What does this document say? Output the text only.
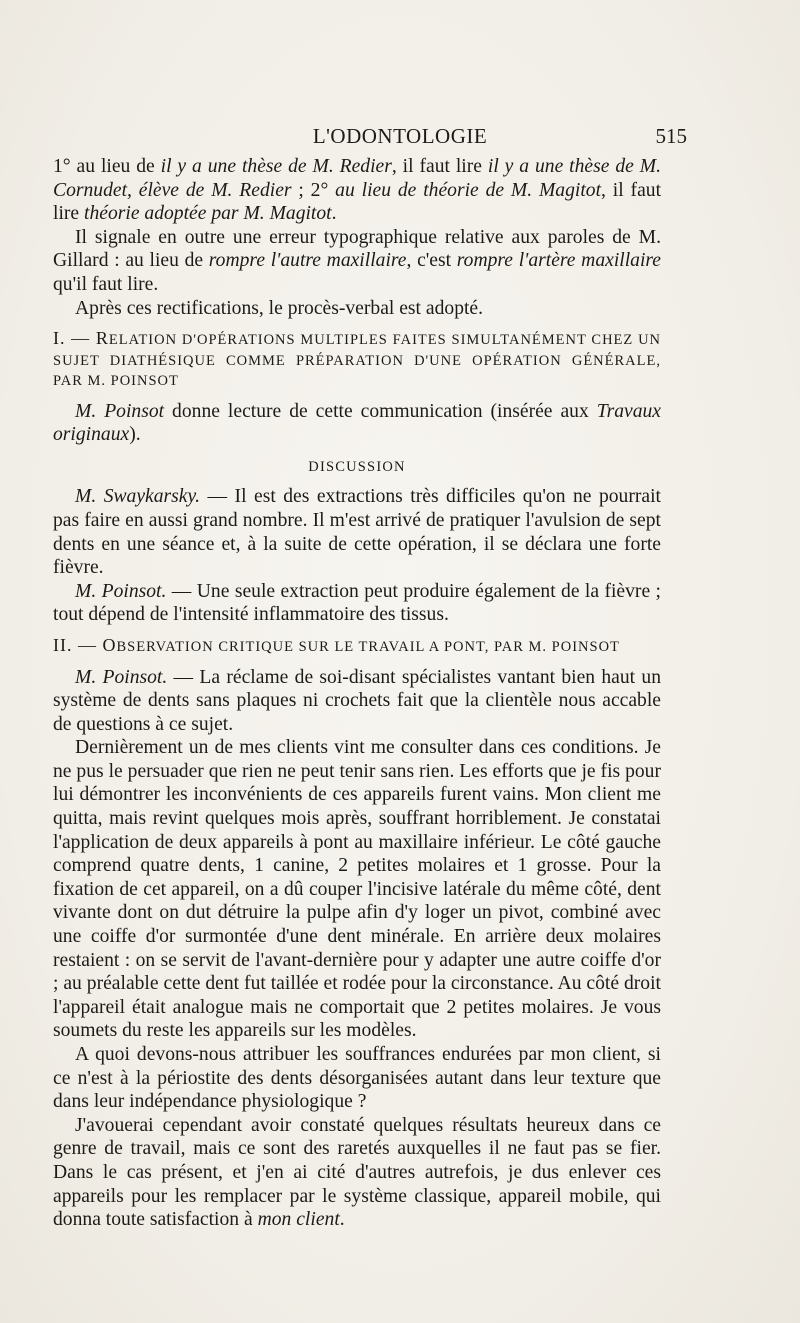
L'ODONTOLOGIE	515

1° au lieu de il y a une thèse de M. Redier, il faut lire il y a une thèse de M. Cornudet, élève de M. Redier ; 2° au lieu de théorie de M. Magitot, il faut lire théorie adoptée par M. Magitot.

Il signale en outre une erreur typographique relative aux paroles de M. Gillard : au lieu de rompre l'autre maxillaire, c'est rompre l'artère maxillaire qu'il faut lire.

Après ces rectifications, le procès-verbal est adopté.

I. — RELATION D'OPÉRATIONS MULTIPLES FAITES SIMULTANÉMENT CHEZ UN SUJET DIATHÉSIQUE COMME PRÉPARATION D'UNE OPÉRATION GÉNÉRALE, PAR M. POINSOT

M. Poinsot donne lecture de cette communication (insérée aux Travaux originaux).

DISCUSSION

M. Swaykarsky. — Il est des extractions très difficiles qu'on ne pourrait pas faire en aussi grand nombre. Il m'est arrivé de pratiquer l'avulsion de sept dents en une séance et, à la suite de cette opération, il se déclara une forte fièvre.

M. Poinsot. — Une seule extraction peut produire également de la fièvre ; tout dépend de l'intensité inflammatoire des tissus.

II. — OBSERVATION CRITIQUE SUR LE TRAVAIL A PONT, PAR M. POINSOT

M. Poinsot. — La réclame de soi-disant spécialistes vantant bien haut un système de dents sans plaques ni crochets fait que la clientèle nous accable de questions à ce sujet.

Dernièrement un de mes clients vint me consulter dans ces conditions. Je ne pus le persuader que rien ne peut tenir sans rien. Les efforts que je fis pour lui démontrer les inconvénients de ces appareils furent vains. Mon client me quitta, mais revint quelques mois après, souffrant horriblement. Je constatai l'application de deux appareils à pont au maxillaire inférieur. Le côté gauche comprend quatre dents, 1 canine, 2 petites molaires et 1 grosse. Pour la fixation de cet appareil, on a dû couper l'incisive latérale du même côté, dent vivante dont on dut détruire la pulpe afin d'y loger un pivot, combiné avec une coiffe d'or surmontée d'une dent minérale. En arrière deux molaires restaient : on se servit de l'avant-dernière pour y adapter une autre coiffe d'or ; au préalable cette dent fut taillée et rodée pour la circonstance. Au côté droit l'appareil était analogue mais ne comportait que 2 petites molaires. Je vous soumets du reste les appareils sur les modèles.

A quoi devons-nous attribuer les souffrances endurées par mon client, si ce n'est à la périostite des dents désorganisées autant dans leur texture que dans leur indépendance physiologique ?

J'avouerai cependant avoir constaté quelques résultats heureux dans ce genre de travail, mais ce sont des raretés auxquelles il ne faut pas se fier. Dans le cas présent, et j'en ai cité d'autres autrefois, je dus enlever ces appareils pour les remplacer par le système classique, appareil mobile, qui donna toute satisfaction à mon client.
